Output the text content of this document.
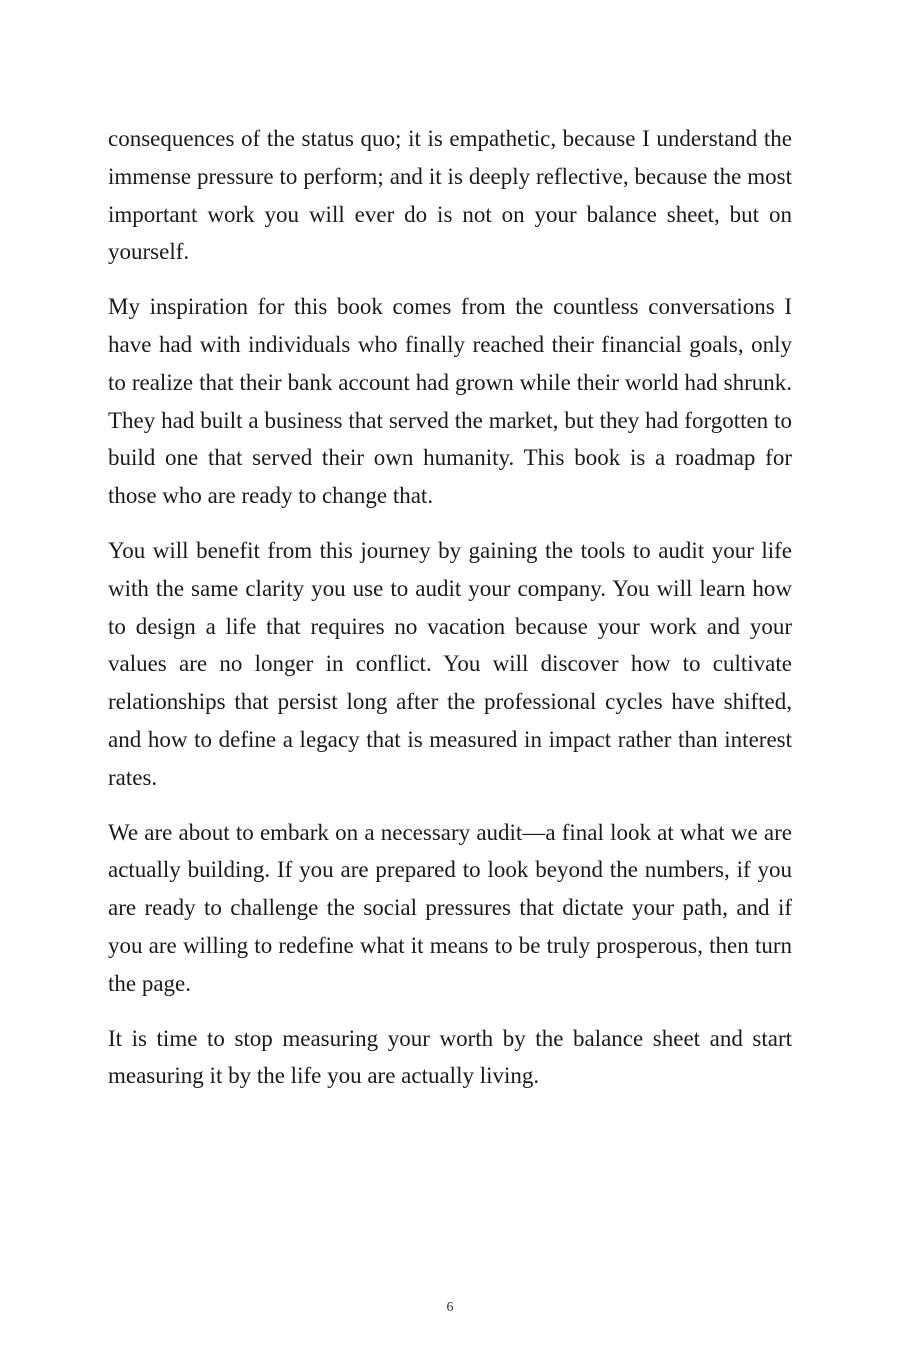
consequences of the status quo; it is empathetic, because I understand the immense pressure to perform; and it is deeply reflective, because the most important work you will ever do is not on your balance sheet, but on yourself.

My inspiration for this book comes from the countless conversations I have had with individuals who finally reached their financial goals, only to realize that their bank account had grown while their world had shrunk. They had built a business that served the market, but they had forgotten to build one that served their own humanity. This book is a roadmap for those who are ready to change that.

You will benefit from this journey by gaining the tools to audit your life with the same clarity you use to audit your company. You will learn how to design a life that requires no vacation because your work and your values are no longer in conflict. You will discover how to cultivate relationships that persist long after the professional cycles have shifted, and how to define a legacy that is measured in impact rather than interest rates.

We are about to embark on a necessary audit—a final look at what we are actually building. If you are prepared to look beyond the numbers, if you are ready to challenge the social pressures that dictate your path, and if you are willing to redefine what it means to be truly prosperous, then turn the page.

It is time to stop measuring your worth by the balance sheet and start measuring it by the life you are actually living.

6
